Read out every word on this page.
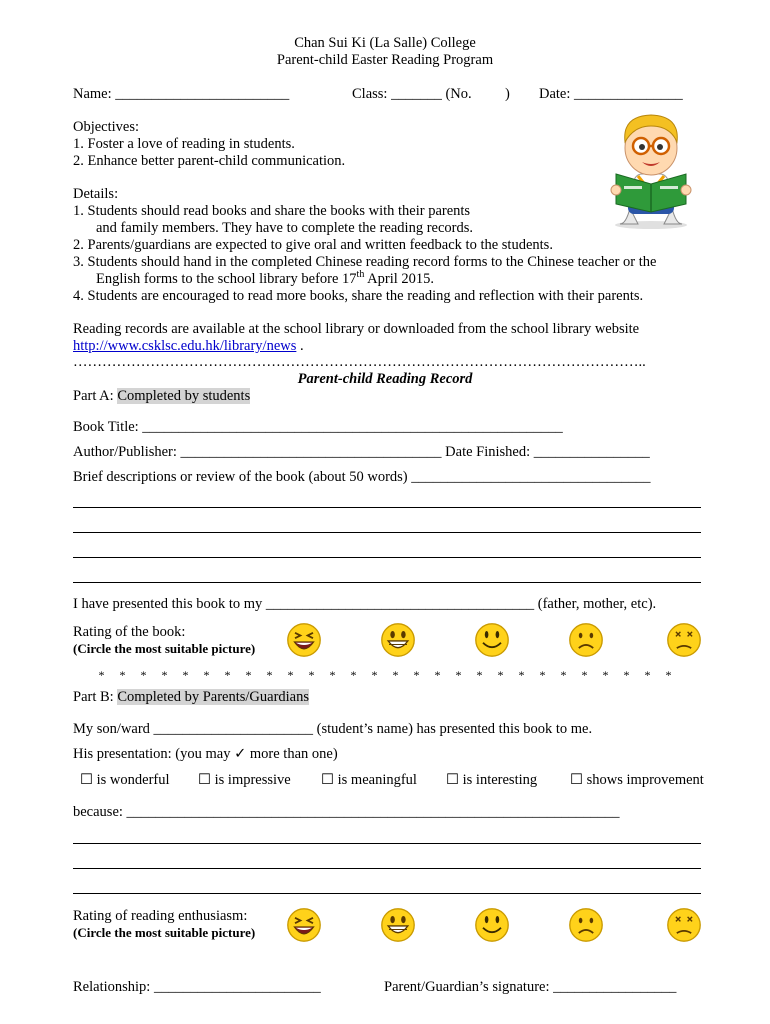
Chan Sui Ki (La Salle) College
Parent-child Easter Reading Program
Name: ________________________	Class: _______ (No. ) Date: _______________
Objectives:
1. Foster a love of reading in students.
2. Enhance better parent-child communication.
Details:
1. Students should read books and share the books with their parents
and family members. They have to complete the reading records.
2. Parents/guardians are expected to give oral and written feedback to the students.
3. Students should hand in the completed Chinese reading record forms to the Chinese teacher or the
English forms to the school library before 17th April 2015.
4. Students are encouraged to read more books, share the reading and reflection with their parents.
Reading records are available at the school library or downloaded from the school library website
http://www.csklsc.edu.hk/library/news .
………………………………………………………………………………………………………..
Parent-child Reading Record
Part A: Completed by students
Book Title: __________________________________________________________
Author/Publisher: ____________________________________ Date Finished: ________________
Brief descriptions or review of the book (about 50 words) _________________________________
I have presented this book to my _____________________________________ (father, mother, etc).
Rating of the book:
(Circle the most suitable picture)
* * * * * * * * * * * * * * * * * * * * * * * * * * * *
Part B: Completed by Parents/Guardians
My son/ward ______________________ (student’s name) has presented this book to me.
His presentation: (you may ✓ more than one)
☐ is wonderful ☐ is impressive ☐ is meaningful ☐ is interesting ☐ shows improvement
because: ____________________________________________________________________
Rating of reading enthusiasm:
(Circle the most suitable picture)
Relationship: _______________________	Parent/Guardian’s signature: _________________
